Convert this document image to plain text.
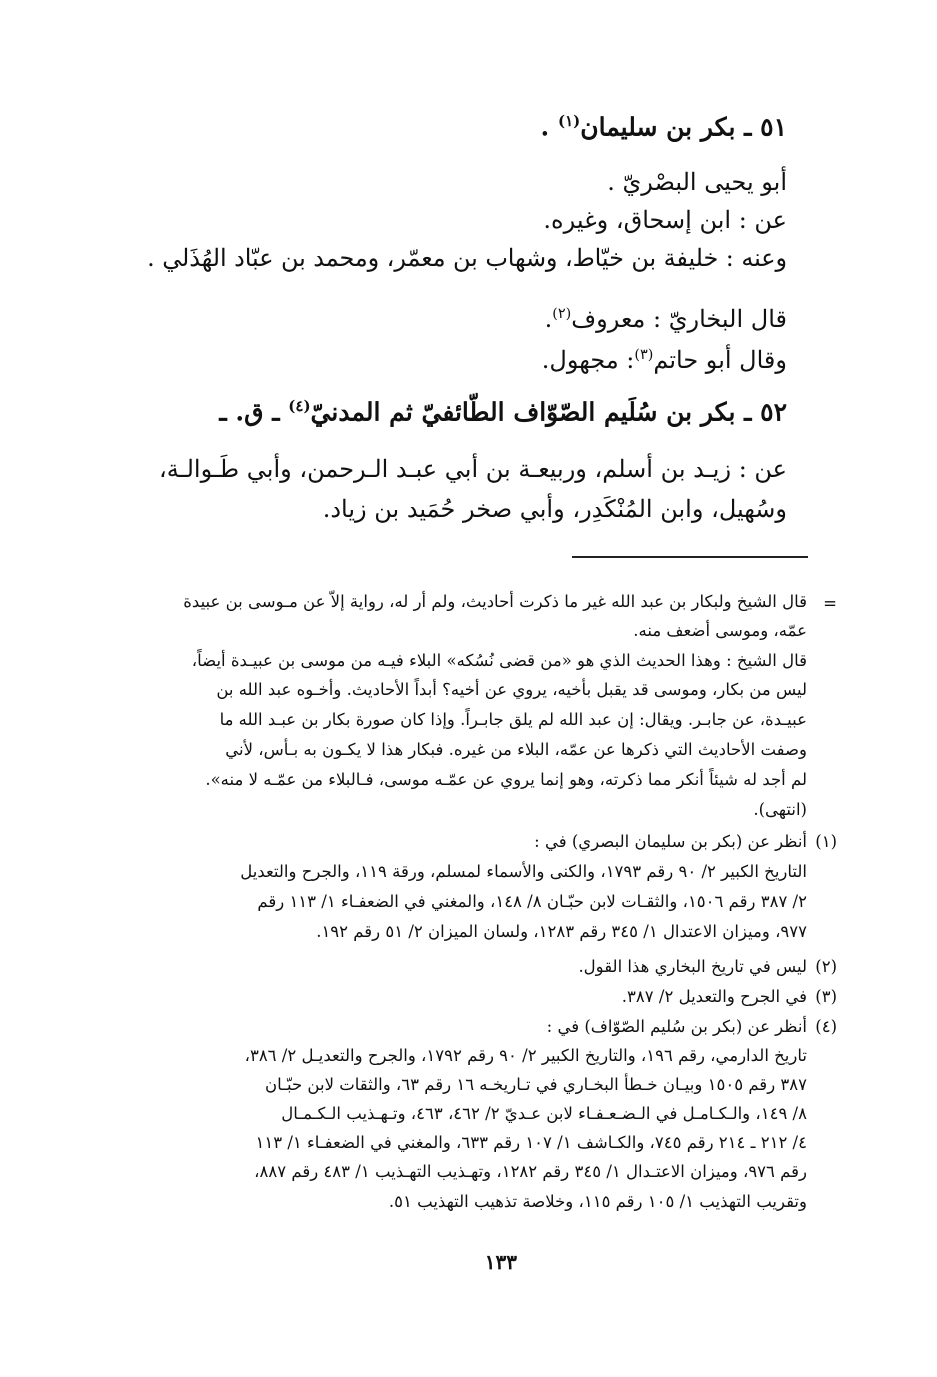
٥١ ـ بكر بن سليمان$^{(١)}$ .
أبو يحيى البصْريّ .
عن : ابن إسحاق، وغيره.
وعنه : خليفة بن خيّاط، وشهاب بن معمّر، ومحمد بن عبّاد الهُذَلي .
قال البخاريّ : معروف$^{(٢)}$.
وقال أبو حاتم$^{(٣)}$: مجهول.
٥٢ ـ بكر بن سُلَيم الصّوّاف الطّائفيّ ثم المدنيّ$^{(٤)}$ ـ ق. ـ
عن : زيـد بن أسلم، وربيعـة بن أبي عبـد الـرحمن، وأبي طَـوالـة،
وسُهيل، وابن المُنْكَدِر، وأبي صخر حُمَيد بن زياد.
=
قال الشيخ ولبكار بن عبد الله غير ما ذكرت أحاديث، ولم أر له، رواية إلاّ عن مـوسى بن عبيدة
عمّه، وموسى أضعف منه.
قال الشيخ : وهذا الحديث الذي هو «من قضى نُسُكه» البلاء فيـه من موسى بن عبيـدة أيضاً،
ليس من بكار، وموسى قد يقبل بأخيه، يروي عن أخيه؟ أبداً الأحاديث. وأخـوه عبد الله بن
عبيـدة، عن جابـر. ويقال: إن عبد الله لم يلق جابـراً. وإذا كان صورة بكار بن عبـد الله ما
وصفت الأحاديث التي ذكرها عن عمّه، البلاء من غيره. فبكار هذا لا يكـون به بـأس، لأني
لم أجد له شيئاً أنكر مما ذكرته، وهو إنما يروي عن عمّـه موسى، فـالبلاء من عمّـه لا منه».
(انتهى).
(١)
أنظر عن (بكر بن سليمان البصري) في :
التاريخ الكبير ٢/ ٩٠ رقم ١٧٩٣، والكنى والأسماء لمسلم، ورقة ١١٩، والجرح والتعديل
٢/ ٣٨٧ رقم ١٥٠٦، والثقـات لابن حبّـان ٨/ ١٤٨، والمغني في الضعفـاء ١/ ١١٣ رقم
٩٧٧، وميزان الاعتدال ١/ ٣٤٥ رقم ١٢٨٣، ولسان الميزان ٢/ ٥١ رقم ١٩٢.
(٢)
ليس في تاريخ البخاري هذا القول.
(٣)
في الجرح والتعديل ٢/ ٣٨٧.
(٤)
أنظر عن (بكر بن سُليم الصّوّاف) في :
تاريخ الدارمي، رقم ١٩٦، والتاريخ الكبير ٢/ ٩٠ رقم ١٧٩٢، والجرح والتعديـل ٢/ ٣٨٦،
٣٨٧ رقم ١٥٠٥ وبيـان خـطأ البخـاري في تـاريخـه ١٦ رقم ٦٣، والثقات لابن حبّـان
٨/ ١٤٩، والـكـامـل في الـضـعـفـاء لابن عـديّ ٢/ ٤٦٢، ٤٦٣، وتـهـذيب الـكـمـال
٤/ ٢١٢ ـ ٢١٤ رقم ٧٤٥، والكـاشف ١/ ١٠٧ رقم ٦٣٣، والمغني في الضعفـاء ١/ ١١٣
رقم ٩٧٦، وميزان الاعتـدال ١/ ٣٤٥ رقم ١٢٨٢، وتهـذيب التهـذيب ١/ ٤٨٣ رقم ٨٨٧،
وتقريب التهذيب ١/ ١٠٥ رقم ١١٥، وخلاصة تذهيب التهذيب ٥١.
١٣٣
